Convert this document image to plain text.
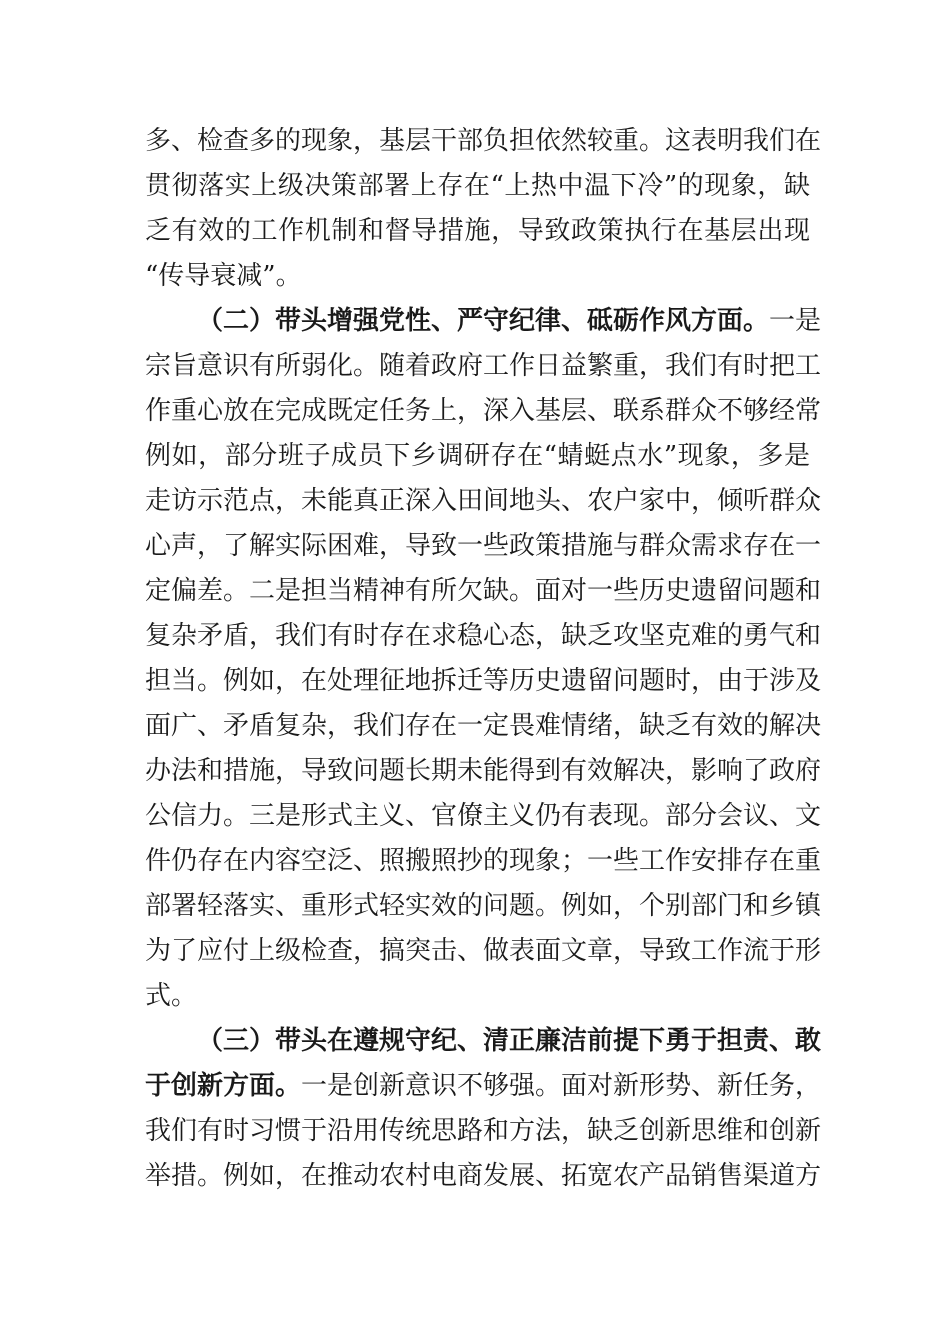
多、检查多的现象，基层干部负担依然较重。这表明我们在
贯彻落实上级决策部署上存在“上热中温下冷”的现象，缺
乏有效的工作机制和督导措施，导致政策执行在基层出现
“传导衰减”。
（二）带头增强党性、严守纪律、砥砺作风方面。一是
宗旨意识有所弱化。随着政府工作日益繁重，我们有时把工
作重心放在完成既定任务上，深入基层、联系群众不够经常
例如，部分班子成员下乡调研存在“蜻蜓点水”现象，多是
走访示范点，未能真正深入田间地头、农户家中，倾听群众
心声，了解实际困难，导致一些政策措施与群众需求存在一
定偏差。二是担当精神有所欠缺。面对一些历史遗留问题和
复杂矛盾，我们有时存在求稳心态，缺乏攻坚克难的勇气和
担当。例如，在处理征地拆迁等历史遗留问题时，由于涉及
面广、矛盾复杂，我们存在一定畏难情绪，缺乏有效的解决
办法和措施，导致问题长期未能得到有效解决，影响了政府
公信力。三是形式主义、官僚主义仍有表现。部分会议、文
件仍存在内容空泛、照搬照抄的现象；一些工作安排存在重
部署轻落实、重形式轻实效的问题。例如，个别部门和乡镇
为了应付上级检查，搞突击、做表面文章，导致工作流于形
式。
（三）带头在遵规守纪、清正廉洁前提下勇于担责、敢
于创新方面。一是创新意识不够强。面对新形势、新任务，
我们有时习惯于沿用传统思路和方法，缺乏创新思维和创新
举措。例如，在推动农村电商发展、拓宽农产品销售渠道方
